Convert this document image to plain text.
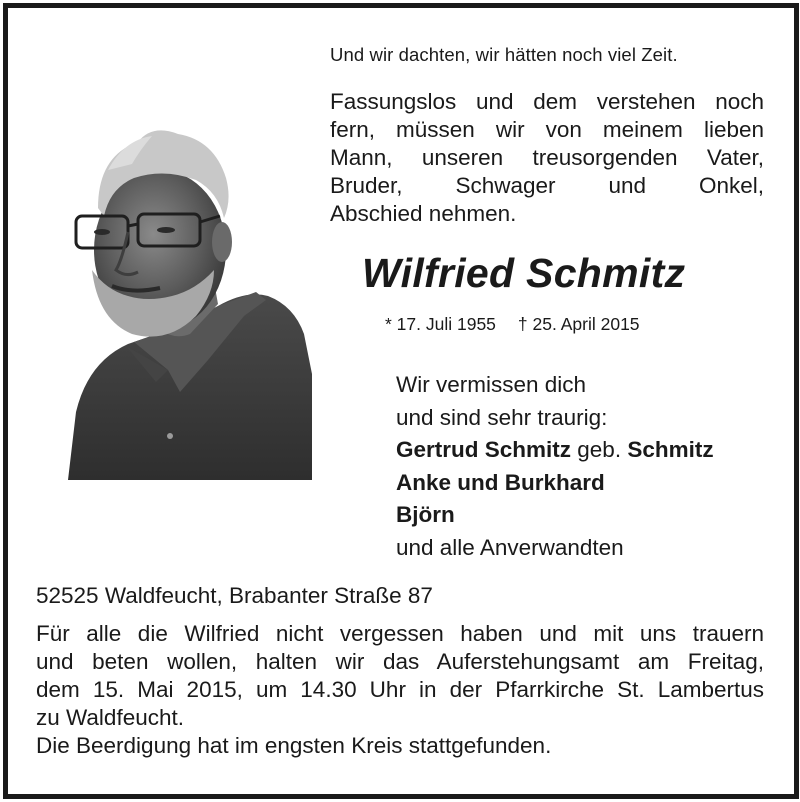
Und wir dachten, wir hätten noch viel Zeit.
Fassungslos und dem verstehen noch
fern, müssen wir von meinem lieben
Mann, unseren treusorgenden Vater,
Bruder, Schwager und Onkel,
Abschied nehmen.
Wilfried Schmitz
* 17. Juli 1955 † 25. April 2015
Wir vermissen dich
und sind sehr traurig:
Gertrud Schmitz geb. Schmitz
Anke und Burkhard
Björn
und alle Anverwandten
52525 Waldfeucht, Brabanter Straße 87
Für alle die Wilfried nicht vergessen haben und mit uns trauern
und beten wollen, halten wir das Auferstehungsamt am Freitag,
dem 15. Mai 2015, um 14.30 Uhr in der Pfarrkirche St. Lambertus
zu Waldfeucht.
Die Beerdigung hat im engsten Kreis stattgefunden.
